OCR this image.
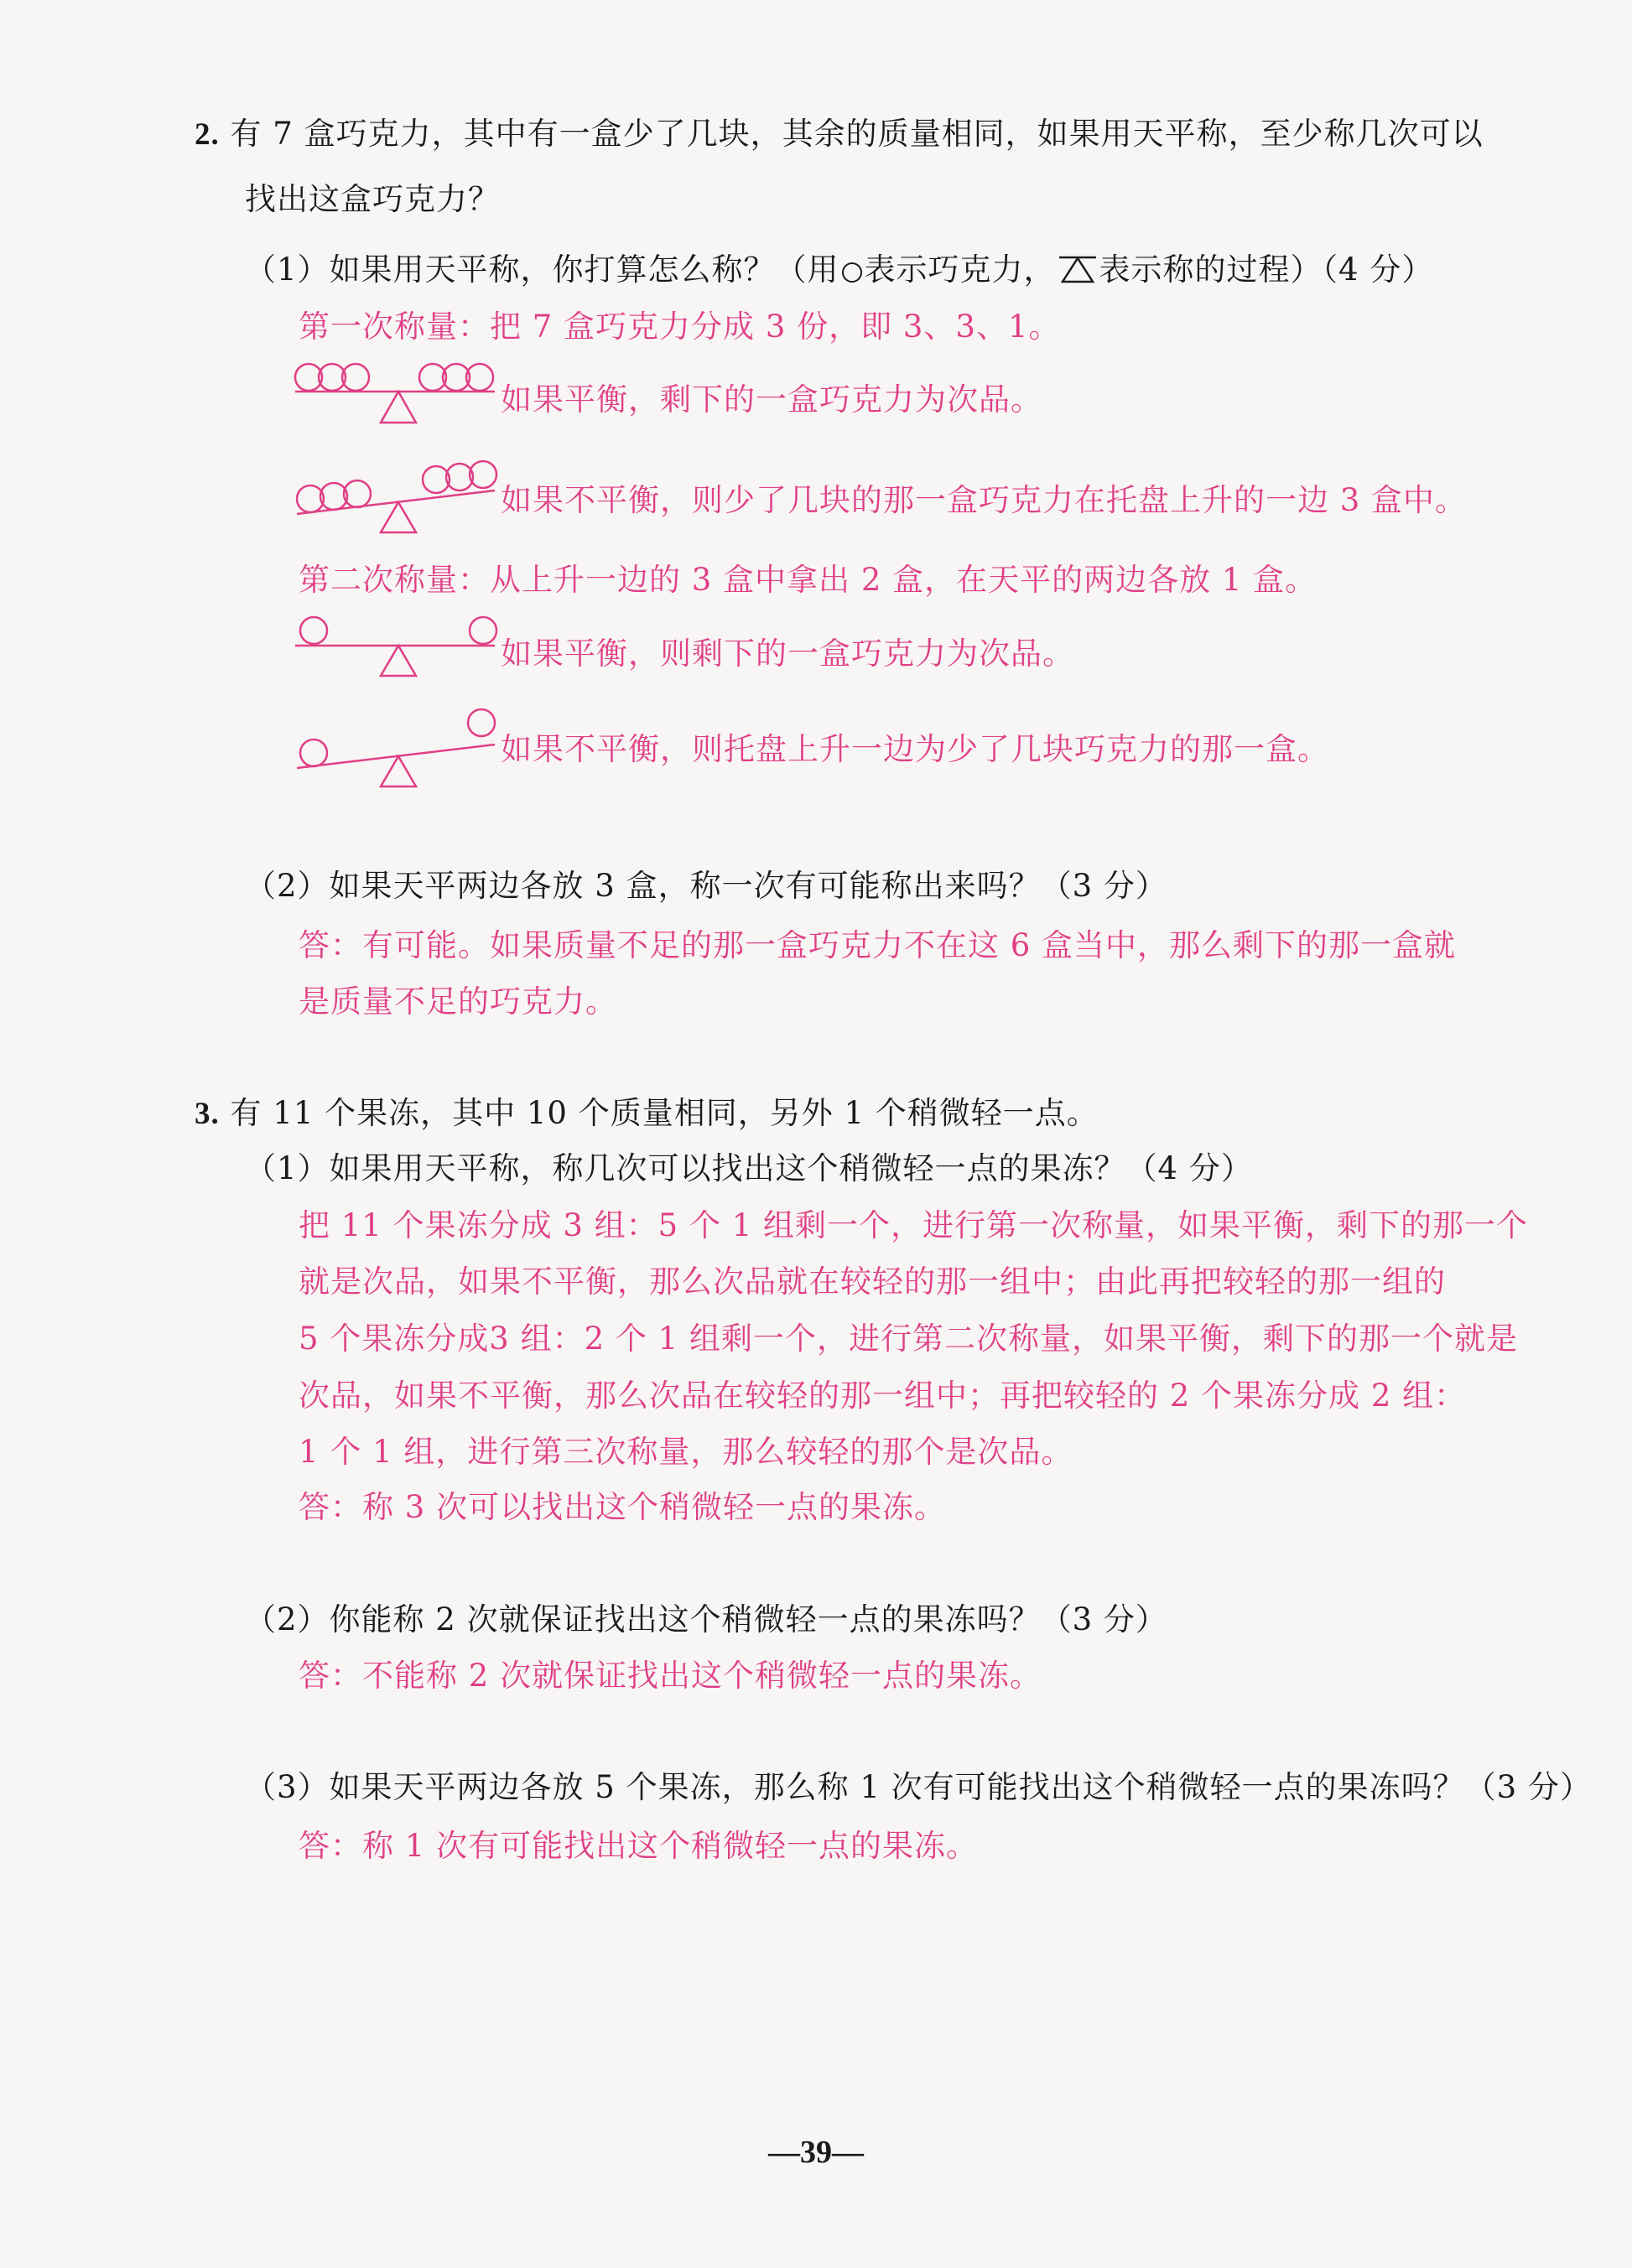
2. 有 7 盒巧克力，其中有一盒少了几块，其余的质量相同，如果用天平称，至少称几次可以
找出这盒巧克力？
（1）如果用天平称，你打算怎么称？（用 表示巧克力， 表示称的过程）（4 分）
第一次称量：把 7 盒巧克力分成 3 份，即 3、3、1。
如果平衡，剩下的一盒巧克力为次品。
如果不平衡，则少了几块的那一盒巧克力在托盘上升的一边 3 盒中。
第二次称量：从上升一边的 3 盒中拿出 2 盒，在天平的两边各放 1 盒。
如果平衡，则剩下的一盒巧克力为次品。
如果不平衡，则托盘上升一边为少了几块巧克力的那一盒。
（2）如果天平两边各放 3 盒，称一次有可能称出来吗？（3 分）
答：有可能。如果质量不足的那一盒巧克力不在这 6 盒当中，那么剩下的那一盒就
是质量不足的巧克力。
3. 有 11 个果冻，其中 10 个质量相同，另外 1 个稍微轻一点。
（1）如果用天平称，称几次可以找出这个稍微轻一点的果冻？（4 分）
把 11 个果冻分成 3 组：5 个 1 组剩一个，进行第一次称量，如果平衡，剩下的那一个
就是次品，如果不平衡，那么次品就在较轻的那一组中；由此再把较轻的那一组的
5 个果冻分成3 组：2 个 1 组剩一个，进行第二次称量，如果平衡，剩下的那一个就是
次品，如果不平衡，那么次品在较轻的那一组中；再把较轻的 2 个果冻分成 2 组：
1 个 1 组，进行第三次称量，那么较轻的那个是次品。
答：称 3 次可以找出这个稍微轻一点的果冻。
（2）你能称 2 次就保证找出这个稍微轻一点的果冻吗？（3 分）
答：不能称 2 次就保证找出这个稍微轻一点的果冻。
（3）如果天平两边各放 5 个果冻，那么称 1 次有可能找出这个稍微轻一点的果冻吗？（3 分）
答：称 1 次有可能找出这个稍微轻一点的果冻。
—39—
